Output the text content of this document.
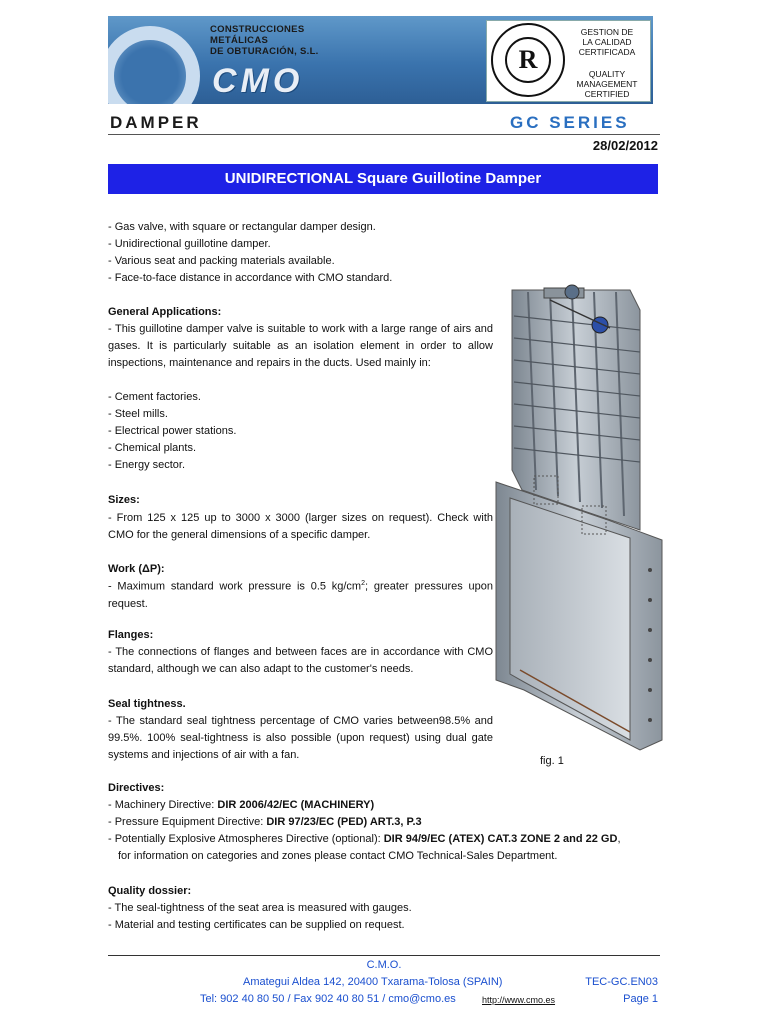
CONSTRUCCIONES
METÁLICAS
DE OBTURACIÓN, S.L.
CMO
R
GESTION DE
LA CALIDAD
CERTIFICADA
QUALITY
MANAGEMENT
CERTIFIED
DAMPER	GC SERIES
28/02/2012
UNIDIRECTIONAL Square Guillotine Damper
- Gas valve, with square or rectangular damper design.
- Unidirectional guillotine damper.
- Various seat and packing materials available.
- Face-to-face distance in accordance with CMO standard.
General Applications:
- This guillotine damper valve is suitable to work with a large range of airs and gases. It is particularly suitable as an isolation element in order to allow inspections, maintenance and repairs in the ducts. Used mainly in:
- Cement factories.
- Steel mills.
- Electrical power stations.
- Chemical plants.
- Energy sector.
Sizes:
- From 125 x 125 up to 3000 x 3000 (larger sizes on request). Check with CMO for the general dimensions of a specific damper.
Work (ΔP):
- Maximum standard work pressure is 0.5 $kg/cm^2$; greater pressures upon request.
Flanges:
- The connections of flanges and between faces are in accordance with CMO standard, although we can also adapt to the customer's needs.
Seal tightness.
- The standard seal tightness percentage of CMO varies between98.5% and 99.5%. 100% seal-tightness is also possible (upon request) using dual gate systems and injections of air with a fan.
Directives:
- Machinery Directive: DIR 2006/42/EC (MACHINERY)
- Pressure Equipment Directive: DIR 97/23/EC (PED) ART.3, P.3
- Potentially Explosive Atmospheres Directive (optional): DIR 94/9/EC (ATEX) CAT.3 ZONE 2 and 22 GD,
for information on categories and zones please contact CMO Technical-Sales Department.
Quality dossier:
- The seal-tightness of the seat area is measured with gauges.
- Material and testing certificates can be supplied on request.
fig. 1
C.M.O.
Amategui Aldea 142, 20400 Txarama-Tolosa (SPAIN)
Tel: 902 40 80 50 / Fax 902 40 80 51 / cmo@cmo.es	http://www.cmo.es
TEC-GC.EN03
Page 1
